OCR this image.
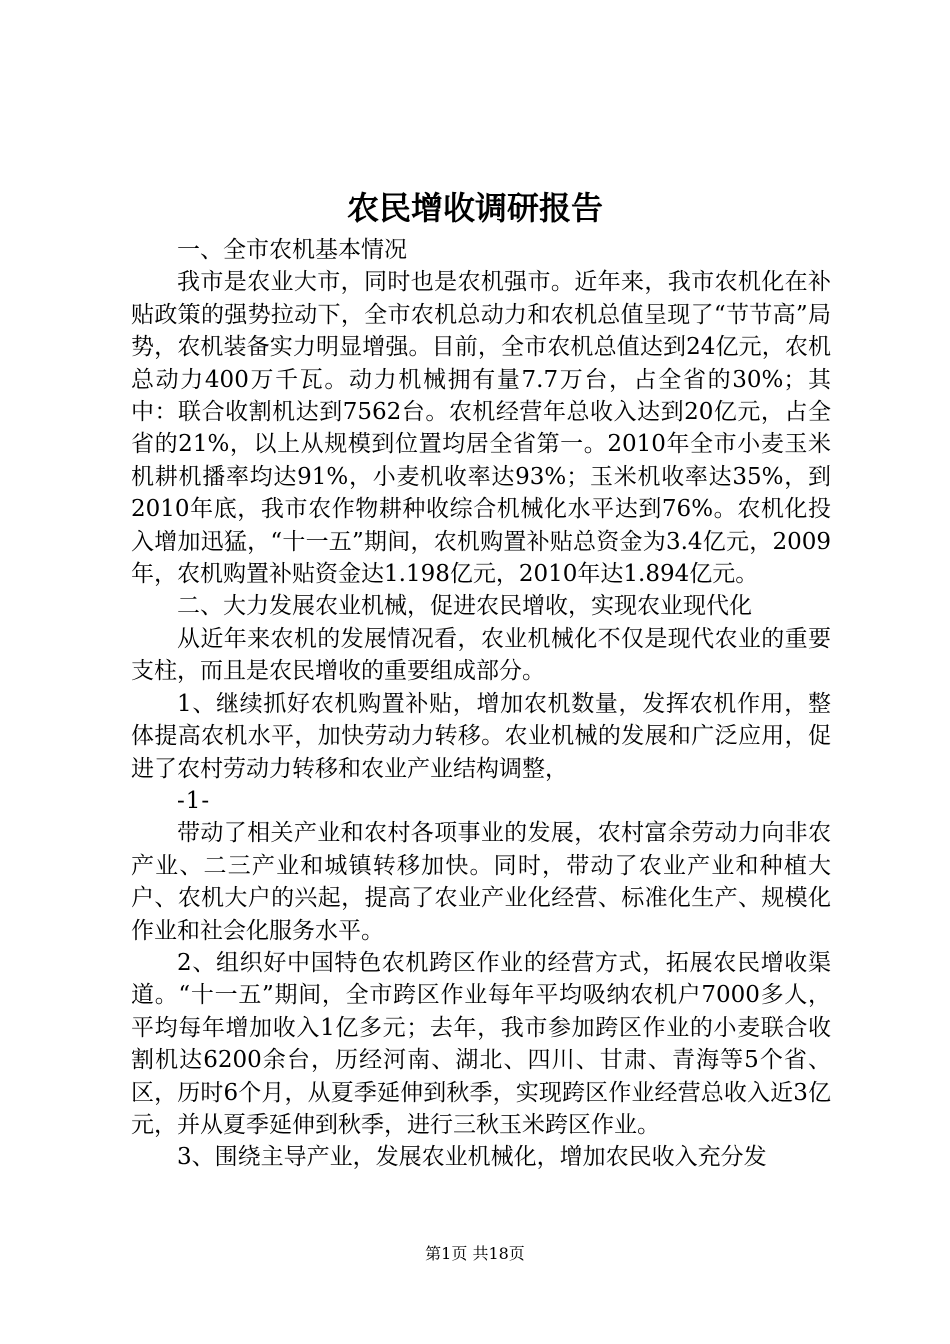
农民增收调研报告

一、全市农机基本情况

我市是农业大市，同时也是农机强市。近年来，我市农机化在补贴政策的强势拉动下，全市农机总动力和农机总值呈现了“节节高”局势，农机装备实力明显增强。目前，全市农机总值达到24亿元，农机总动力400万千瓦。动力机械拥有量7.7万台，占全省的30%；其中：联合收割机达到7562台。农机经营年总收入达到20亿元，占全省的21%，以上从规模到位置均居全省第一。2010年全市小麦玉米机耕机播率均达91%，小麦机收率达93%；玉米机收率达35%，到2010年底，我市农作物耕种收综合机械化水平达到76%。农机化投入增加迅猛，“十一五”期间，农机购置补贴总资金为3.4亿元，2009年，农机购置补贴资金达1.198亿元，2010年达1.894亿元。

二、大力发展农业机械，促进农民增收，实现农业现代化

从近年来农机的发展情况看，农业机械化不仅是现代农业的重要支柱，而且是农民增收的重要组成部分。

1、继续抓好农机购置补贴，增加农机数量，发挥农机作用，整体提高农机水平，加快劳动力转移。农业机械的发展和广泛应用，促进了农村劳动力转移和农业产业结构调整，

-1-

带动了相关产业和农村各项事业的发展，农村富余劳动力向非农产业、二三产业和城镇转移加快。同时，带动了农业产业和种植大户、农机大户的兴起，提高了农业产业化经营、标准化生产、规模化作业和社会化服务水平。

2、组织好中国特色农机跨区作业的经营方式，拓展农民增收渠道。“十一五”期间，全市跨区作业每年平均吸纳农机户7000多人，平均每年增加收入1亿多元；去年，我市参加跨区作业的小麦联合收割机达6200余台，历经河南、湖北、四川、甘肃、青海等5个省、区，历时6个月，从夏季延伸到秋季，实现跨区作业经营总收入近3亿元，并从夏季延伸到秋季，进行三秋玉米跨区作业。

3、围绕主导产业，发展农业机械化，增加农民收入充分发

第1页 共18页
